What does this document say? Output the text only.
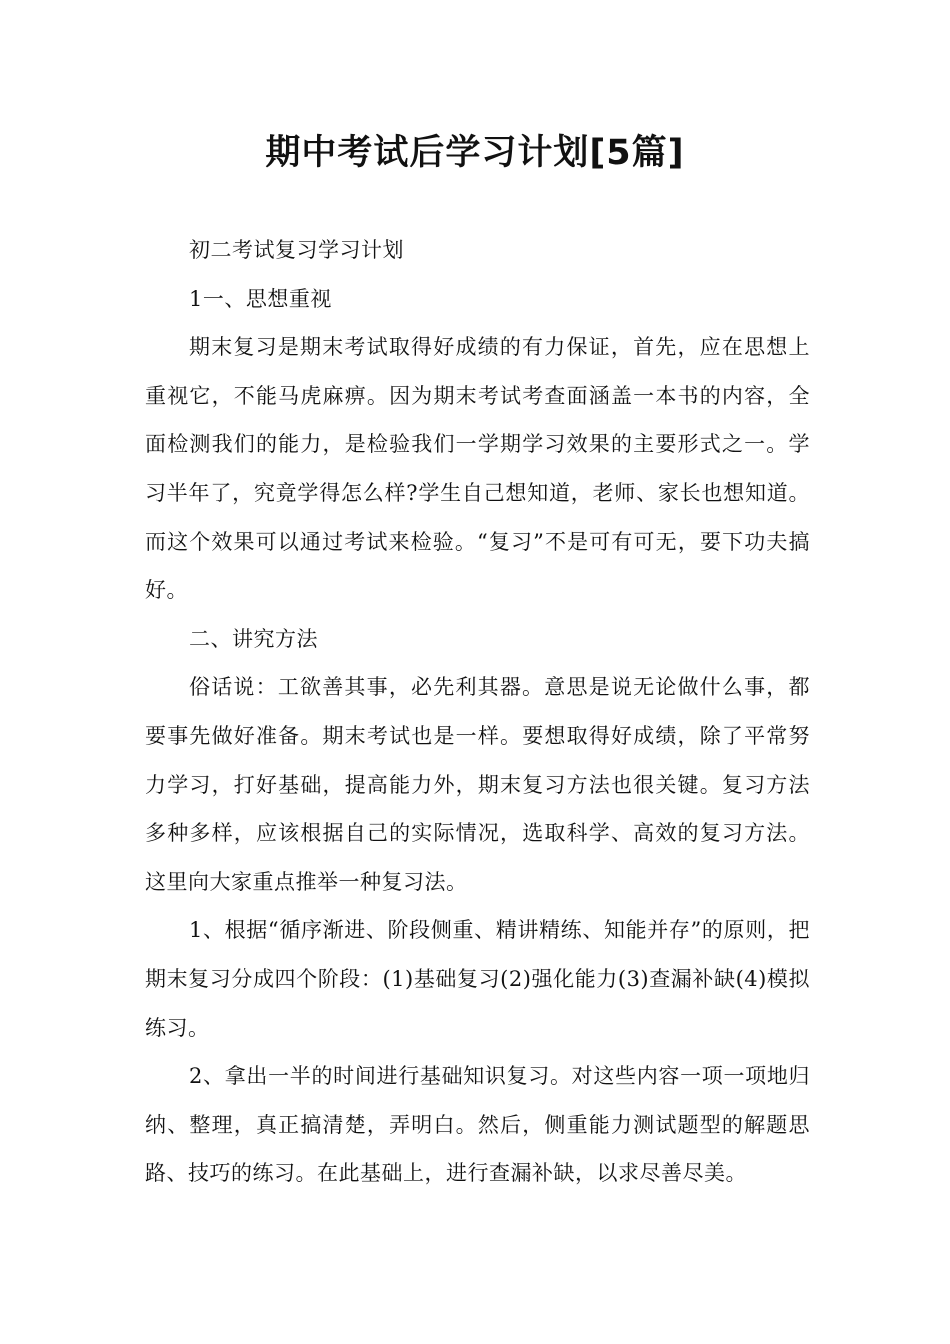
期中考试后学习计划[5篇]

初二考试复习学习计划

1一、思想重视

期末复习是期末考试取得好成绩的有力保证，首先，应在思想上重视它，不能马虎麻痹。因为期末考试考查面涵盖一本书的内容，全面检测我们的能力，是检验我们一学期学习效果的主要形式之一。学习半年了，究竟学得怎么样?学生自己想知道，老师、家长也想知道。而这个效果可以通过考试来检验。“复习”不是可有可无，要下功夫搞好。

二、讲究方法

俗话说：工欲善其事，必先利其器。意思是说无论做什么事，都要事先做好准备。期末考试也是一样。要想取得好成绩，除了平常努力学习，打好基础，提高能力外，期末复习方法也很关键。复习方法多种多样，应该根据自己的实际情况，选取科学、高效的复习方法。这里向大家重点推举一种复习法。

1、根据“循序渐进、阶段侧重、精讲精练、知能并存”的原则，把期末复习分成四个阶段：(1)基础复习(2)强化能力(3)查漏补缺(4)模拟练习。

2、拿出一半的时间进行基础知识复习。对这些内容一项一项地归纳、整理，真正搞清楚，弄明白。然后，侧重能力测试题型的解题思路、技巧的练习。在此基础上，进行查漏补缺，以求尽善尽美。
